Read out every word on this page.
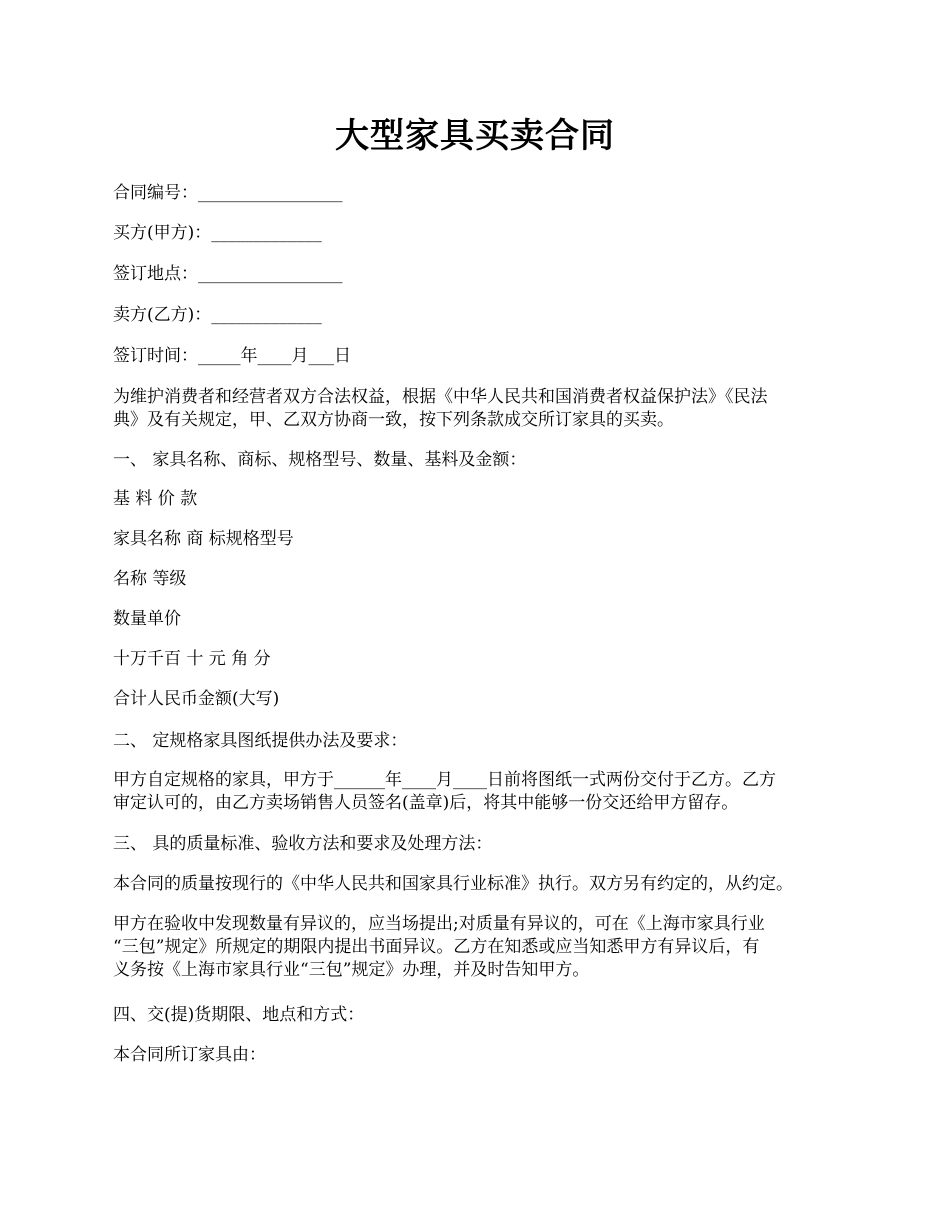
大型家具买卖合同
合同编号：_________________
买方(甲方)：_____________
签订地点：_________________
卖方(乙方)：_____________
签订时间：_____年____月___日
为维护消费者和经营者双方合法权益，根据《中华人民共和国消费者权益保护法》《民法
典》及有关规定，甲、乙双方协商一致，按下列条款成交所订家具的买卖。
一、 家具名称、商标、规格型号、数量、基料及金额：
基 料 价 款
家具名称 商 标规格型号
名称 等级
数量单价
十万千百 十 元 角 分
合计人民币金额(大写)
二、 定规格家具图纸提供办法及要求：
甲方自定规格的家具，甲方于______年____月____日前将图纸一式两份交付于乙方。乙方
审定认可的，由乙方卖场销售人员签名(盖章)后，将其中能够一份交还给甲方留存。
三、 具的质量标准、验收方法和要求及处理方法：
本合同的质量按现行的《中华人民共和国家具行业标准》执行。双方另有约定的，从约定。
甲方在验收中发现数量有异议的，应当场提出;对质量有异议的，可在《上海市家具行业
“三包”规定》所规定的期限内提出书面异议。乙方在知悉或应当知悉甲方有异议后，有
义务按《上海市家具行业“三包”规定》办理，并及时告知甲方。
四、交(提)货期限、地点和方式：
本合同所订家具由：
